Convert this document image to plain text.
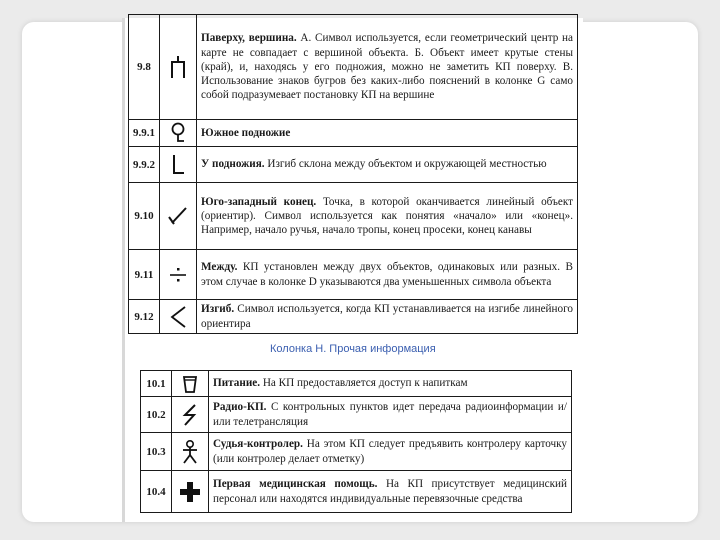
9.8		Паверху, вершина. А. Символ используется, если геометрический центр на карте не совпадает с вершиной объекта. Б. Объект имеет крутые стены (край), и, находясь у его подножия, можно не заметить КП поверху. В. Использование знаков бугров без каких-либо пояснений в колонке G само собой подразумевает постановку КП на вершине
9.9.1		Южное подножие
9.9.2		У подножия. Изгиб склона между объектом и окружающей местностью
9.10		Юго-западный конец. Точка, в которой оканчивается линейный объект (ориентир). Символ используется как понятия «начало» или «конец». Например, начало ручья, начало тропы, конец просеки, конец канавы
9.11		Между. КП установлен между двух объектов, одинаковых или разных. В этом случае в колонке D указываются два уменьшенных символа объекта
9.12		Изгиб. Символ используется, когда КП устанавливается на изгибе линейного ориентира
Колонка H. Прочая информация
10.1		Питание. На КП предоставляется доступ к напиткам
10.2		Радио-КП. С контрольных пунктов идет передача радиоинформации и/или телетрансляция
10.3		Судья-контролер. На этом КП следует предъявить контролеру карточку (или контролер делает отметку)
10.4		Первая медицинская помощь. На КП присутствует медицинский персонал или находятся индивидуальные перевязочные средства
